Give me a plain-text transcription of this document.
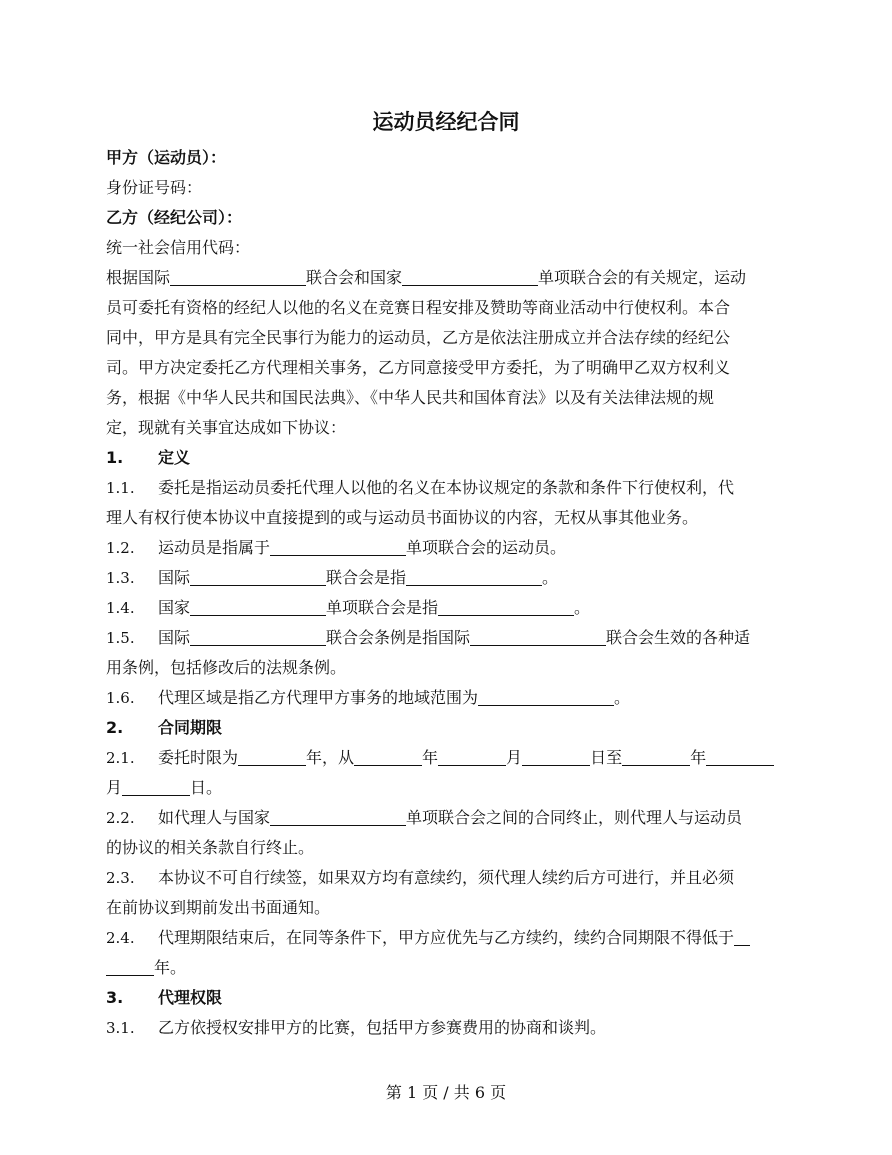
运动员经纪合同
甲方（运动员）：
身份证号码：
乙方（经纪公司）：
统一社会信用代码：
根据国际	联合会和国家	单项联合会的有关规定，运动
员可委托有资格的经纪人以他的名义在竞赛日程安排及赞助等商业活动中行使权利。本合
同中，甲方是具有完全民事行为能力的运动员，乙方是依法注册成立并合法存续的经纪公
司。甲方决定委托乙方代理相关事务，乙方同意接受甲方委托，为了明确甲乙双方权利义
务，根据《中华人民共和国民法典》、《中华人民共和国体育法》以及有关法律法规的规
定，现就有关事宜达成如下协议：
1. 定义
1.1. 委托是指运动员委托代理人以他的名义在本协议规定的条款和条件下行使权利，代
理人有权行使本协议中直接提到的或与运动员书面协议的内容，无权从事其他业务。
1.2. 运动员是指属于	单项联合会的运动员。
1.3. 国际	联合会是指	。
1.4. 国家	单项联合会是指	。
1.5. 国际	联合会条例是指国际	联合会生效的各种适
用条例，包括修改后的法规条例。
1.6. 代理区域是指乙方代理甲方事务的地域范围为	。
2. 合同期限
2.1. 委托时限为	年，从	年	月	日至	年
月	日。
2.2. 如代理人与国家	单项联合会之间的合同终止，则代理人与运动员
的协议的相关条款自行终止。
2.3. 本协议不可自行续签，如果双方均有意续约，须代理人续约后方可进行，并且必须
在前协议到期前发出书面通知。
2.4. 代理期限结束后，在同等条件下，甲方应优先与乙方续约，续约合同期限不得低于
年。
3. 代理权限
3.1. 乙方依授权安排甲方的比赛，包括甲方参赛费用的协商和谈判。
第 1 页 / 共 6 页
